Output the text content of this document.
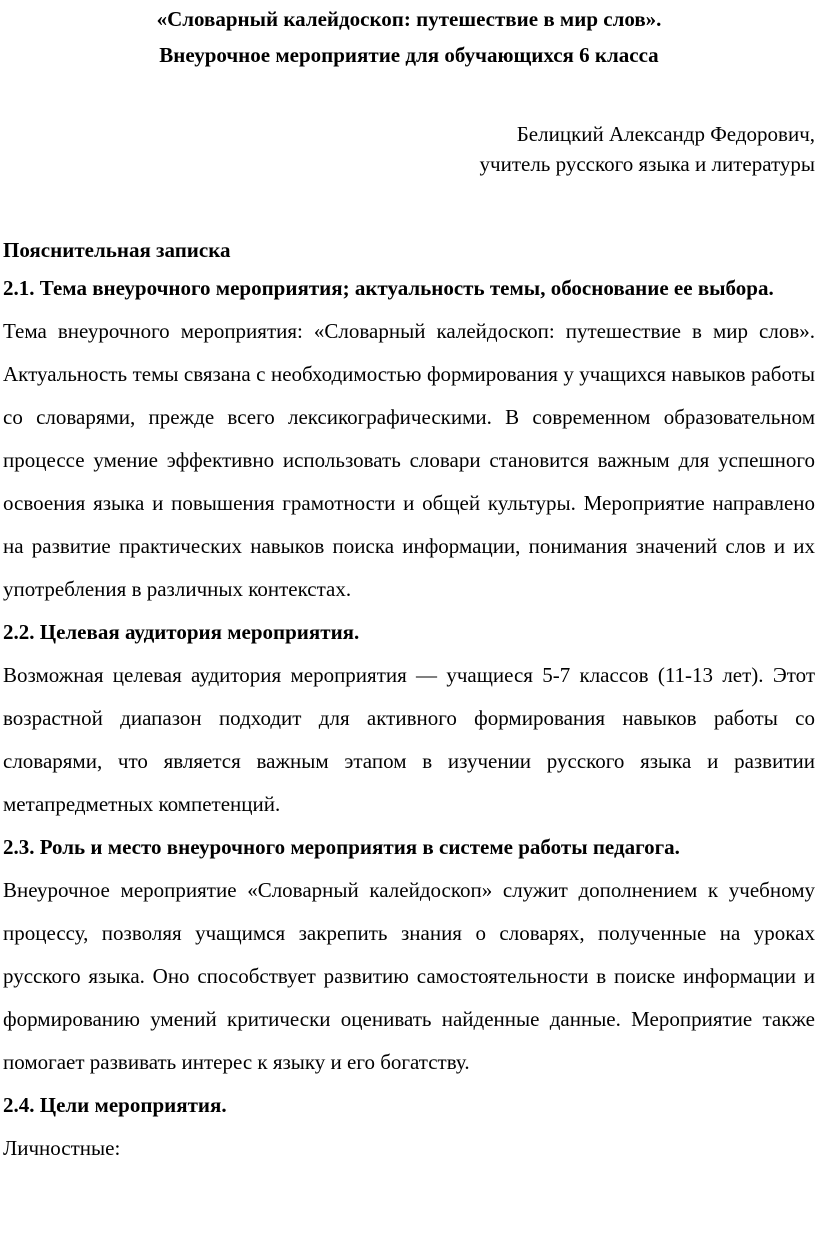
«Словарный калейдоскоп: путешествие в мир слов».
Внеурочное мероприятие для обучающихся 6 класса
Белицкий Александр Федорович,
учитель русского языка и литературы
Пояснительная записка

2.1. Тема внеурочного мероприятия; актуальность темы, обоснование ее выбора.

Тема внеурочного мероприятия: «Словарный калейдоскоп: путешествие в мир слов». Актуальность темы связана с необходимостью формирования у учащихся навыков работы со словарями, прежде всего лексикографическими. В современном образовательном процессе умение эффективно использовать словари становится важным для успешного освоения языка и повышения грамотности и общей культуры. Мероприятие направлено на развитие практических навыков поиска информации, понимания значений слов и их употребления в различных контекстах.

2.2. Целевая аудитория мероприятия.

Возможная целевая аудитория мероприятия — учащиеся 5-7 классов (11-13 лет). Этот возрастной диапазон подходит для активного формирования навыков работы со словарями, что является важным этапом в изучении русского языка и развитии метапредметных компетенций.

2.3. Роль и место внеурочного мероприятия в системе работы педагога.

Внеурочное мероприятие «Словарный калейдоскоп» служит дополнением к учебному процессу, позволяя учащимся закрепить знания о словарях, полученные на уроках русского языка. Оно способствует развитию самостоятельности в поиске информации и формированию умений критически оценивать найденные данные. Мероприятие также помогает развивать интерес к языку и его богатству.

2.4. Цели мероприятия.

Личностные:
